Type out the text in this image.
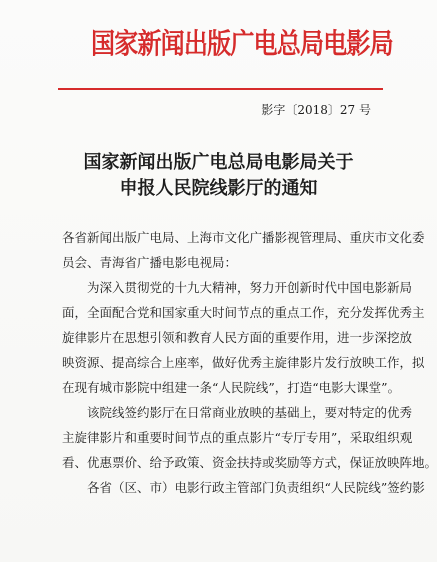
国家新闻出版广电总局电影局
影字〔2018〕27 号
国家新闻出版广电总局电影局关于
申报人民院线影厅的通知
各省新闻出版广电局、上海市文化广播影视管理局、重庆市文化委
员会、青海省广播电影电视局：
为深入贯彻党的十九大精神，努力开创新时代中国电影新局
面，全面配合党和国家重大时间节点的重点工作，充分发挥优秀主
旋律影片在思想引领和教育人民方面的重要作用，进一步深挖放
映资源、提高综合上座率，做好优秀主旋律影片发行放映工作，拟
在现有城市影院中组建一条“人民院线”，打造“电影大课堂”。
该院线签约影厅在日常商业放映的基础上，要对特定的优秀
主旋律影片和重要时间节点的重点影片“专厅专用”，采取组织观
看、优惠票价、给予政策、资金扶持或奖励等方式，保证放映阵地。
各省（区、市）电影行政主管部门负责组织“人民院线”签约影
